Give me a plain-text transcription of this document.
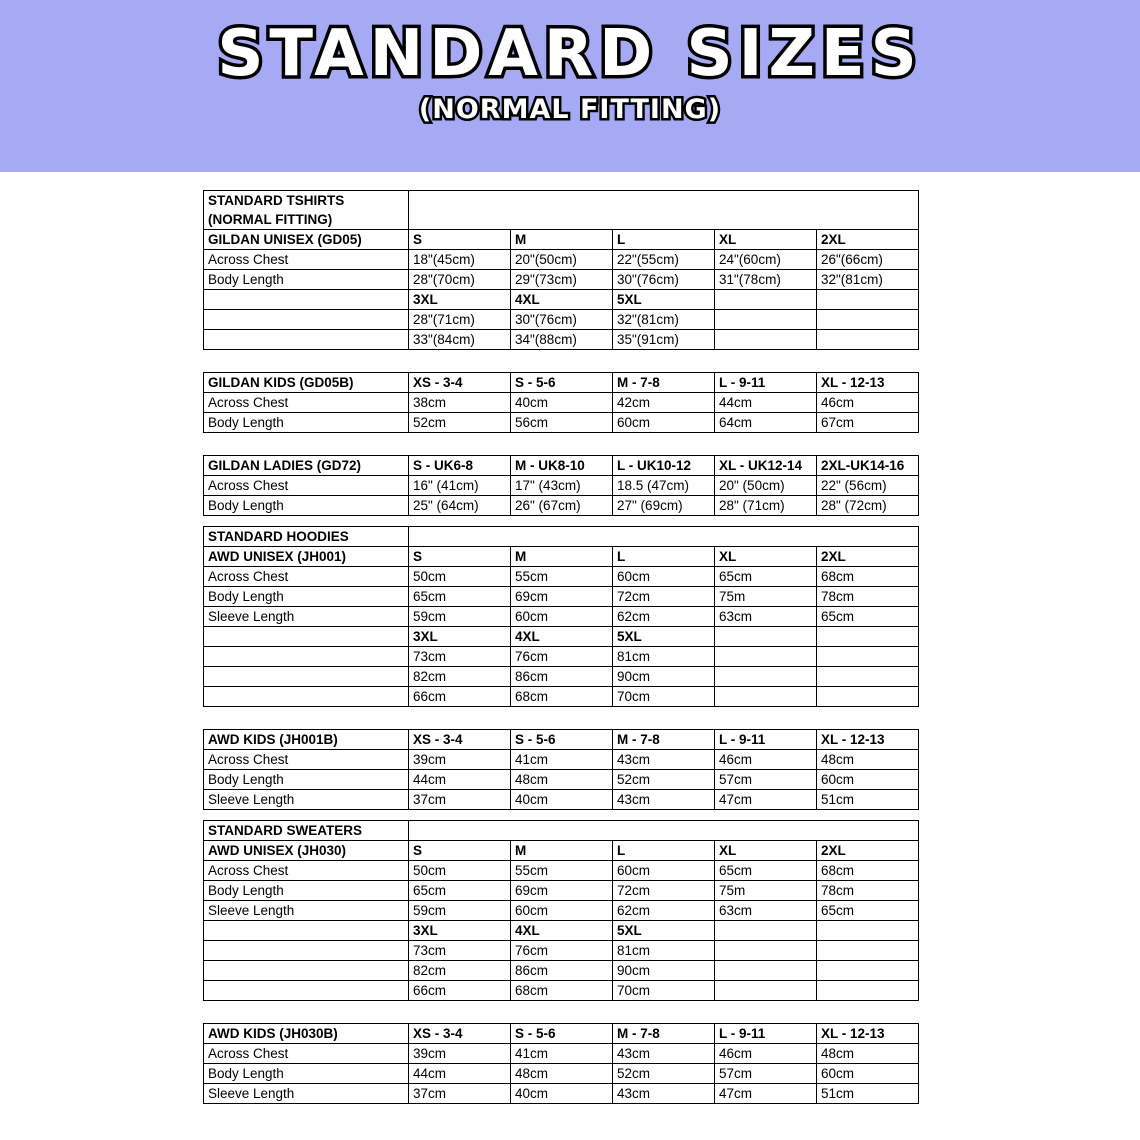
STANDARD SIZES
(NORMAL FITTING)
STANDARD TSHIRTS
(NORMAL FITTING)					
GILDAN UNISEX (GD05)	S	M	L	XL	2XL
Across Chest	18"(45cm)	20"(50cm)	22"(55cm)	24"(60cm)	26"(66cm)
Body Length	28"(70cm)	29"(73cm)	30"(76cm)	31"(78cm)	32"(81cm)
	3XL	4XL	5XL		
	28"(71cm)	30"(76cm)	32"(81cm)		
	33"(84cm)	34"(88cm)	35"(91cm)		
GILDAN KIDS (GD05B)	XS - 3-4	S - 5-6	M - 7-8	L - 9-11	XL - 12-13
Across Chest	38cm	40cm	42cm	44cm	46cm
Body Length	52cm	56cm	60cm	64cm	67cm
GILDAN LADIES (GD72)	S - UK6-8	M - UK8-10	L - UK10-12	XL - UK12-14	2XL-UK14-16
Across Chest	16" (41cm)	17" (43cm)	18.5 (47cm)	20" (50cm)	22" (56cm)
Body Length	25" (64cm)	26" (67cm)	27" (69cm)	28" (71cm)	28" (72cm)
STANDARD HOODIES					
AWD UNISEX (JH001)	S	M	L	XL	2XL
Across Chest	50cm	55cm	60cm	65cm	68cm
Body Length	65cm	69cm	72cm	75m	78cm
Sleeve Length	59cm	60cm	62cm	63cm	65cm
	3XL	4XL	5XL		
	73cm	76cm	81cm		
	82cm	86cm	90cm		
	66cm	68cm	70cm		
AWD KIDS (JH001B)	XS - 3-4	S - 5-6	M - 7-8	L - 9-11	XL - 12-13
Across Chest	39cm	41cm	43cm	46cm	48cm
Body Length	44cm	48cm	52cm	57cm	60cm
Sleeve Length	37cm	40cm	43cm	47cm	51cm
STANDARD SWEATERS					
AWD UNISEX (JH030)	S	M	L	XL	2XL
Across Chest	50cm	55cm	60cm	65cm	68cm
Body Length	65cm	69cm	72cm	75m	78cm
Sleeve Length	59cm	60cm	62cm	63cm	65cm
	3XL	4XL	5XL		
	73cm	76cm	81cm		
	82cm	86cm	90cm		
	66cm	68cm	70cm		
AWD KIDS (JH030B)	XS - 3-4	S - 5-6	M - 7-8	L - 9-11	XL - 12-13
Across Chest	39cm	41cm	43cm	46cm	48cm
Body Length	44cm	48cm	52cm	57cm	60cm
Sleeve Length	37cm	40cm	43cm	47cm	51cm
